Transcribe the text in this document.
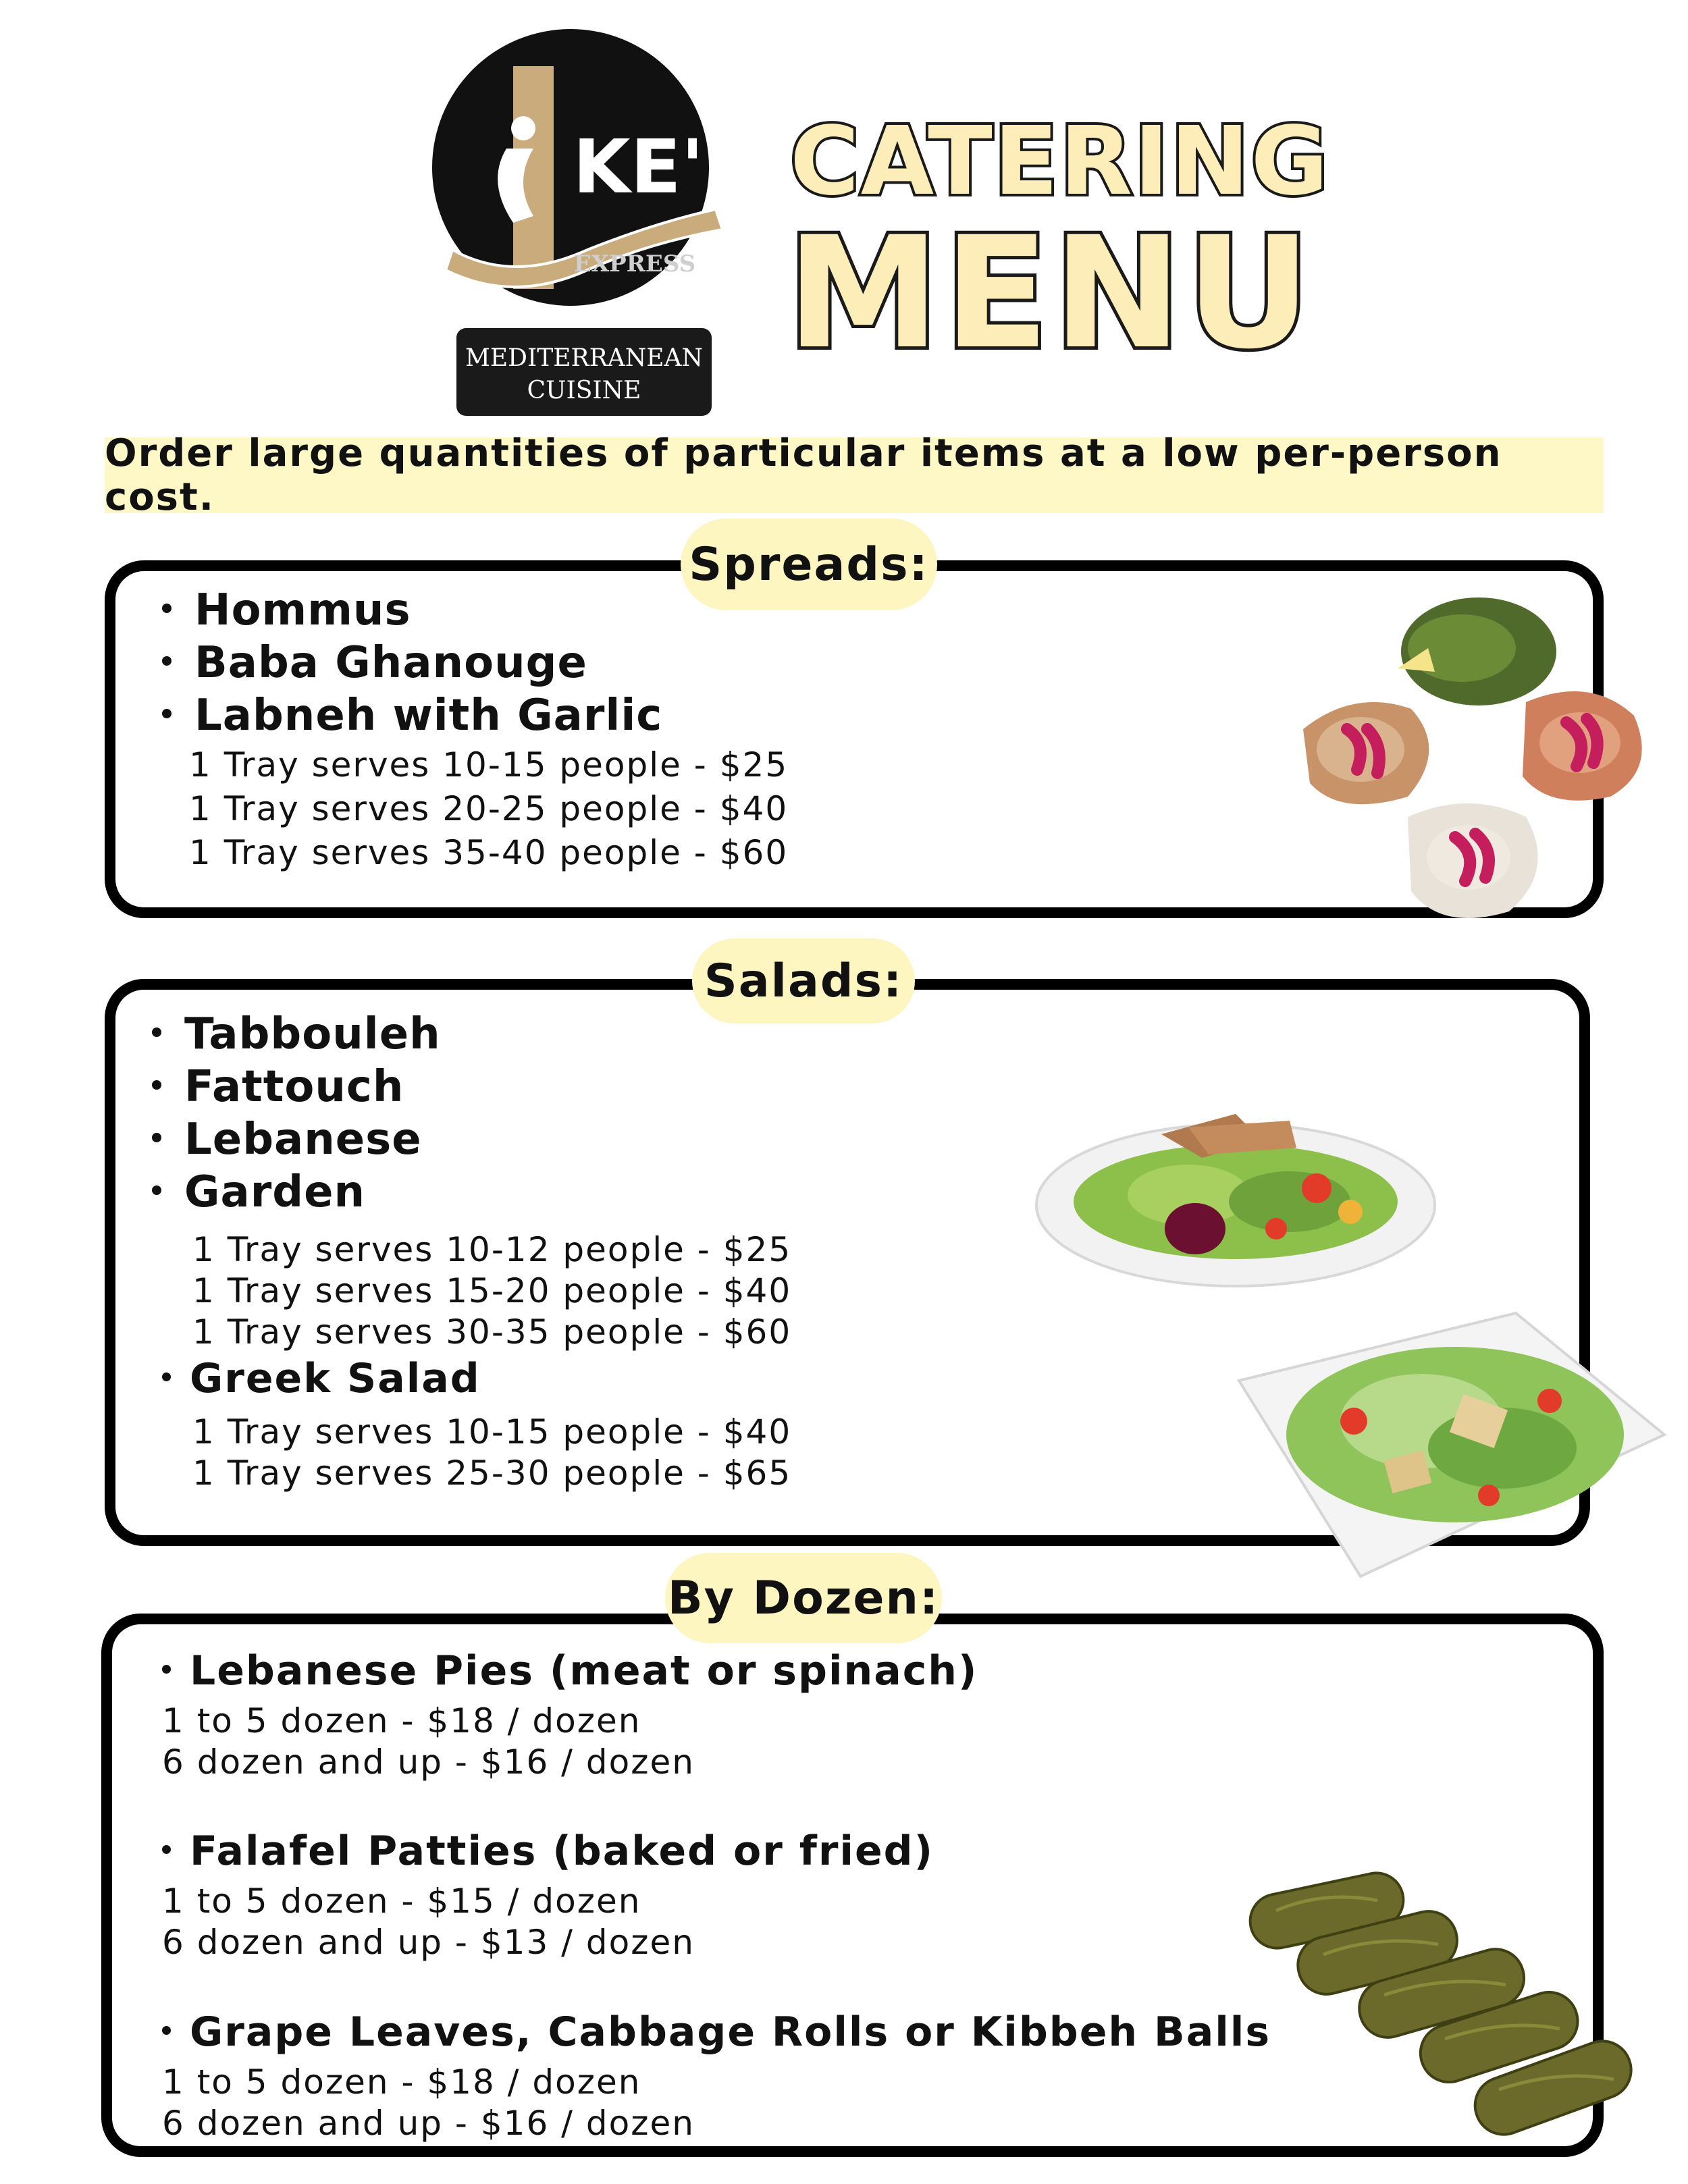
KE'S
EXPRESS
MEDITERRANEAN
CUISINE
CATERING
MENU
Order large quantities of particular items at a low per-person cost.
Spreads:
Hommus
Baba Ghanouge
Labneh with Garlic
1 Tray serves 10-15 people - $25
1 Tray serves 20-25 people - $40
1 Tray serves 35-40 people - $60
Salads:
Tabbouleh
Fattouch
Lebanese
Garden
1 Tray serves 10-12 people - $25
1 Tray serves 15-20 people - $40
1 Tray serves 30-35 people - $60
Greek Salad
1 Tray serves 10-15 people - $40
1 Tray serves 25-30 people - $65
By Dozen:
Lebanese Pies (meat or spinach)
1 to 5 dozen - $18 / dozen
6 dozen and up - $16 / dozen
Falafel Patties (baked or fried)
1 to 5 dozen - $15 / dozen
6 dozen and up - $13 / dozen
Grape Leaves, Cabbage Rolls or Kibbeh Balls
1 to 5 dozen - $18 / dozen
6 dozen and up - $16 / dozen
